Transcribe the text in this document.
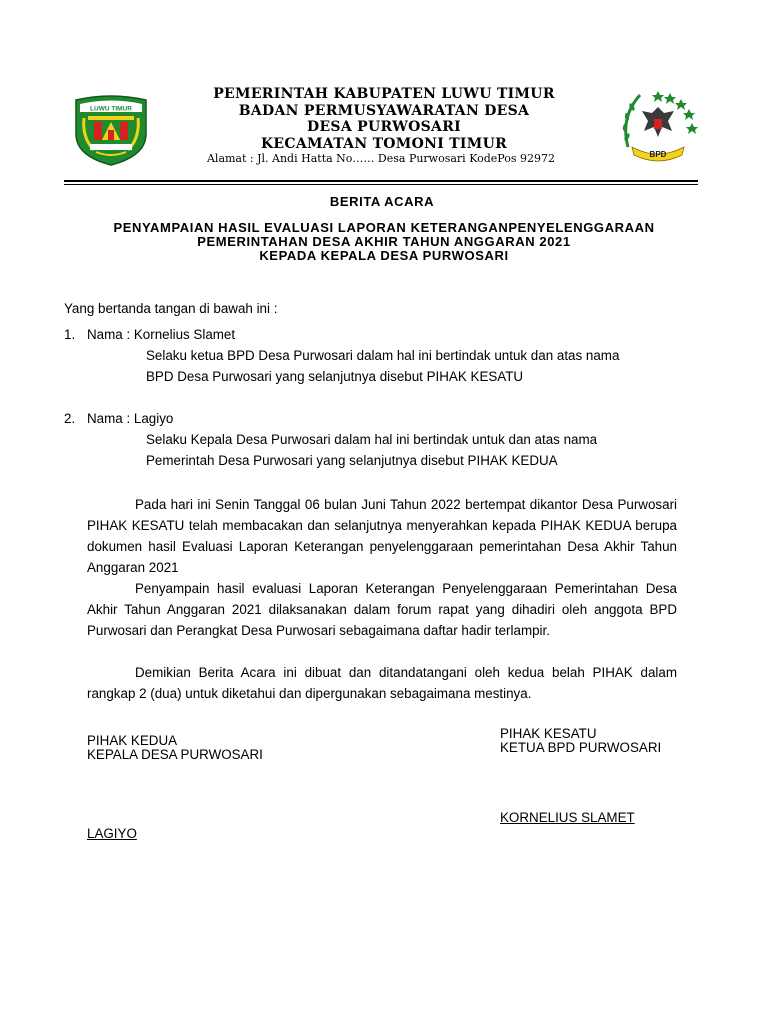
LUWU TIMUR
BPD
PEMERINTAH KABUPATEN LUWU TIMUR
BADAN PERMUSYAWARATAN DESA
DESA PURWOSARI
KECAMATAN TOMONI TIMUR
Alamat : Jl. Andi Hatta No…… Desa Purwosari KodePos 92972
BERITA ACARA
PENYAMPAIAN HASIL EVALUASI LAPORAN KETERANGANPENYELENGGARAAN
PEMERINTAHAN DESA AKHIR TAHUN ANGGARAN 2021
KEPADA KEPALA DESA PURWOSARI
Yang bertanda tangan di bawah ini :
1. Nama : Kornelius Slamet
Selaku ketua BPD Desa Purwosari dalam hal ini bertindak untuk dan atas nama
BPD Desa Purwosari yang selanjutnya disebut PIHAK KESATU
2. Nama : Lagiyo
Selaku Kepala Desa Purwosari dalam hal ini bertindak untuk dan atas nama
Pemerintah Desa Purwosari yang selanjutnya disebut PIHAK KEDUA
Pada hari ini Senin Tanggal 06 bulan Juni Tahun 2022 bertempat dikantor Desa Purwosari PIHAK KESATU telah membacakan dan selanjutnya menyerahkan kepada PIHAK KEDUA berupa dokumen hasil Evaluasi Laporan Keterangan penyelenggaraan pemerintahan Desa Akhir Tahun Anggaran 2021
Penyampain hasil evaluasi Laporan Keterangan Penyelenggaraan Pemerintahan Desa Akhir Tahun Anggaran 2021 dilaksanakan dalam forum rapat yang dihadiri oleh anggota BPD Purwosari dan Perangkat Desa Purwosari sebagaimana daftar hadir terlampir.
Demikian Berita Acara ini dibuat dan ditandatangani oleh kedua belah PIHAK dalam rangkap 2 (dua) untuk diketahui dan dipergunakan sebagaimana mestinya.
PIHAK KEDUA
KEPALA DESA PURWOSARI
LAGIYO
PIHAK KESATU
KETUA BPD PURWOSARI
KORNELIUS SLAMET
